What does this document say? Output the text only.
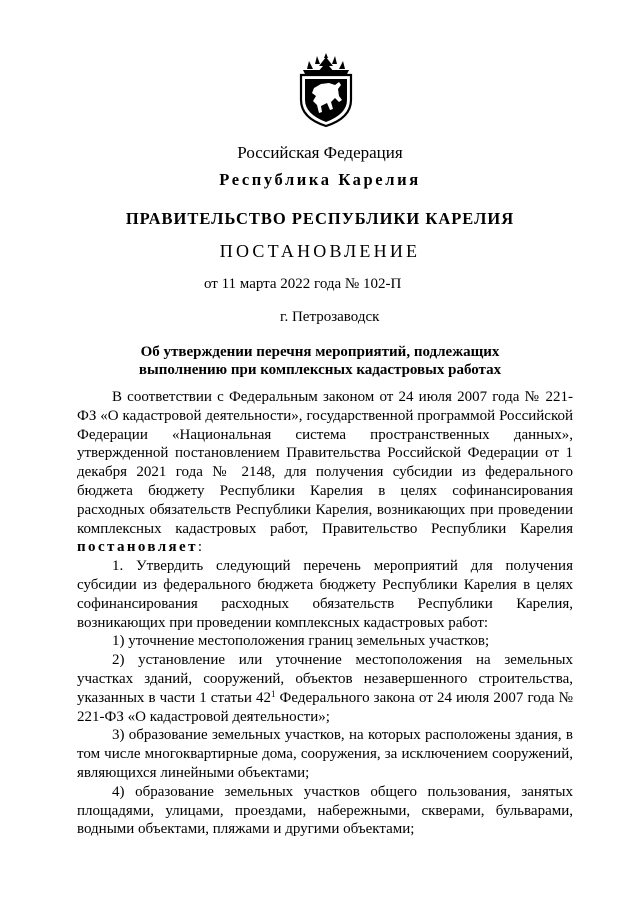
Российская Федерация
Республика Карелия
ПРАВИТЕЛЬСТВО РЕСПУБЛИКИ КАРЕЛИЯ
ПОСТАНОВЛЕНИЕ
от 11 марта 2022 года № 102-П
г. Петрозаводск
Об утверждении перечня мероприятий, подлежащих
выполнению при комплексных кадастровых работах

В соответствии с Федеральным законом от 24 июля 2007 года № 221-ФЗ «О кадастровой деятельности», государственной программой Российской Федерации «Национальная система пространственных данных», утвержденной постановлением Правительства Российской Федерации от 1 декабря 2021 года № 2148, для получения субсидии из федерального бюджета бюджету Республики Карелия в целях софинансирования расходных обязательств Республики Карелия, возникающих при проведении комплексных кадастровых работ, Правительство Республики Карелия постановляет:

1. Утвердить следующий перечень мероприятий для получения субсидии из федерального бюджета бюджету Республики Карелия в целях софинансирования расходных обязательств Республики Карелия, возникающих при проведении комплексных кадастровых работ:

1) уточнение местоположения границ земельных участков;

2) установление или уточнение местоположения на земельных участках зданий, сооружений, объектов незавершенного строительства, указанных в части 1 статьи $42^1$ Федерального закона от 24 июля 2007 года № 221-ФЗ «О кадастровой деятельности»;

3) образование земельных участков, на которых расположены здания, в том числе многоквартирные дома, сооружения, за исключением сооружений, являющихся линейными объектами;

4) образование земельных участков общего пользования, занятых площадями, улицами, проездами, набережными, скверами, бульварами, водными объектами, пляжами и другими объектами;
